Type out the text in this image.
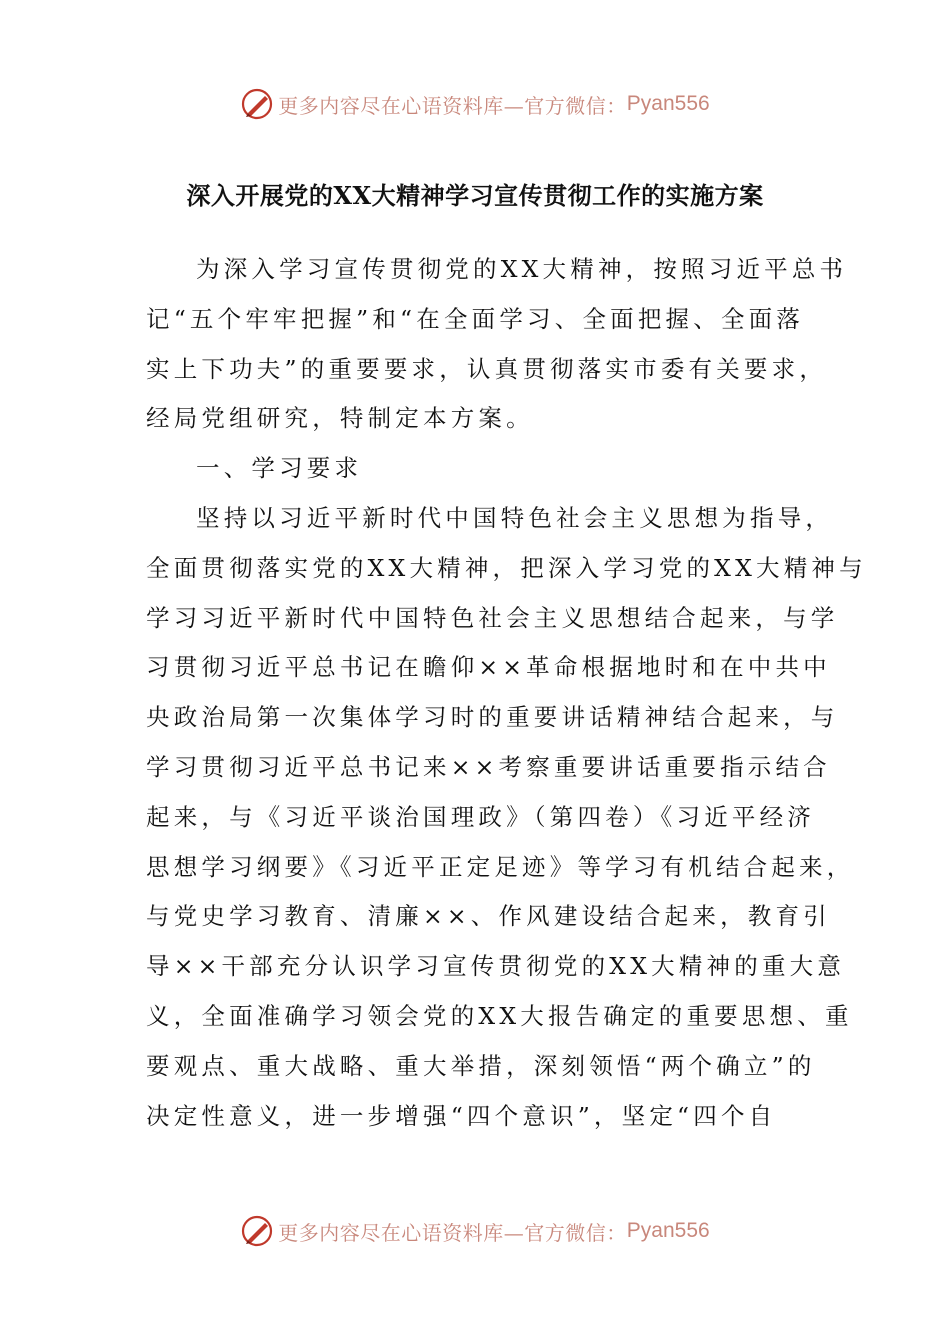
更多内容尽在心语资料库—官方微信： Pyan556
深入开展党的XX大精神学习宣传贯彻工作的实施方案
为深入学习宣传贯彻党的XX大精神，按照习近平总书
记“五个牢牢把握”和“在全面学习、全面把握、全面落
实上下功夫”的重要要求，认真贯彻落实市委有关要求，
经局党组研究，特制定本方案。
一、学习要求
坚持以习近平新时代中国特色社会主义思想为指导，
全面贯彻落实党的XX大精神，把深入学习党的XX大精神与
学习习近平新时代中国特色社会主义思想结合起来，与学
习贯彻习近平总书记在瞻仰××革命根据地时和在中共中
央政治局第一次集体学习时的重要讲话精神结合起来，与
学习贯彻习近平总书记来××考察重要讲话重要指示结合
起来，与《习近平谈治国理政》（第四卷）《习近平经济
思想学习纲要》《习近平正定足迹》等学习有机结合起来，
与党史学习教育、清廉××、作风建设结合起来，教育引
导××干部充分认识学习宣传贯彻党的XX大精神的重大意
义，全面准确学习领会党的XX大报告确定的重要思想、重
要观点、重大战略、重大举措，深刻领悟“两个确立”的
决定性意义，进一步增强“四个意识”，坚定“四个自
更多内容尽在心语资料库—官方微信： Pyan556
